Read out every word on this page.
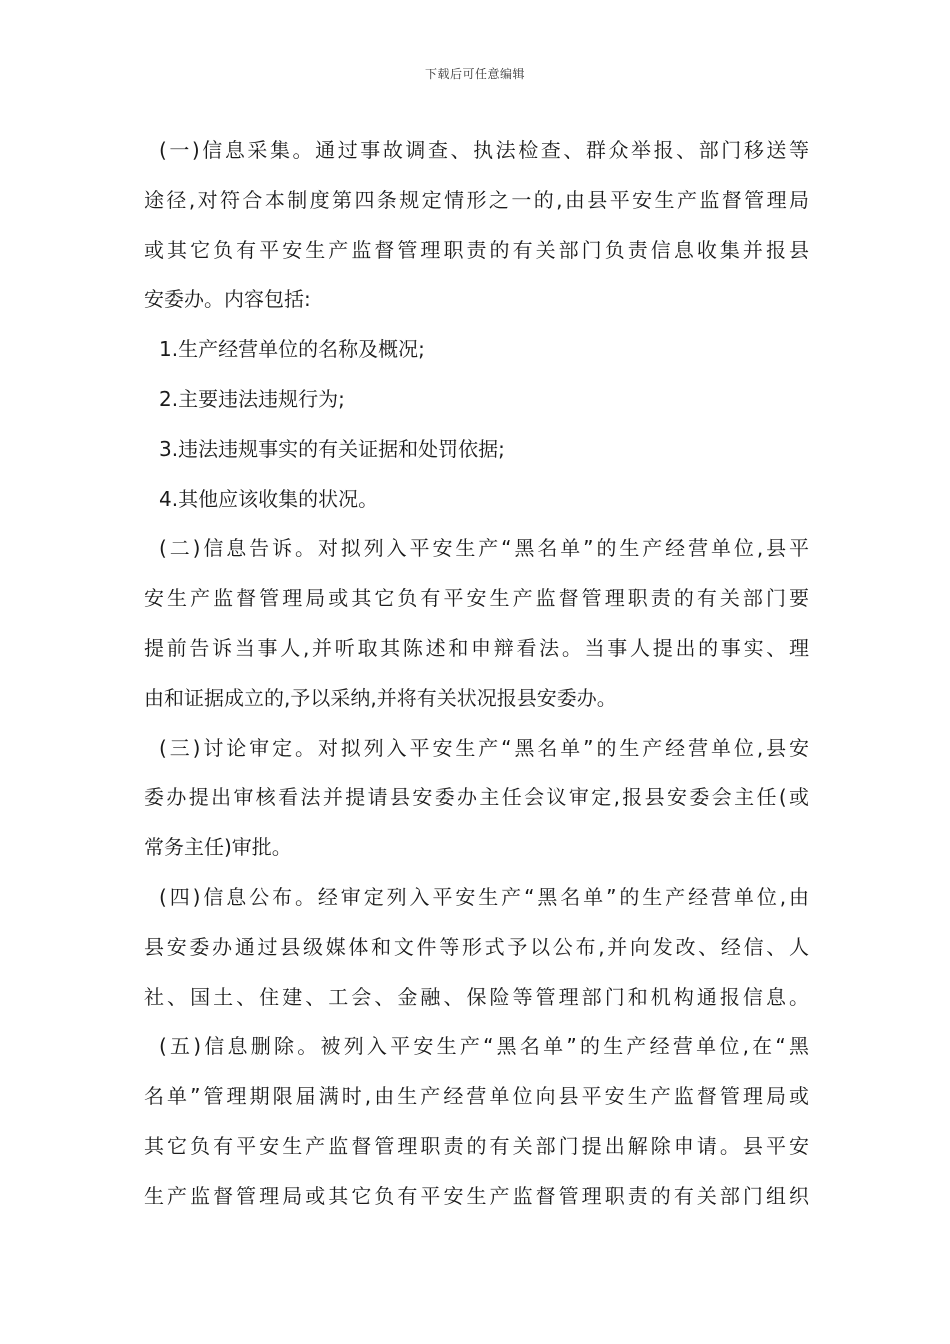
下载后可任意编辑
(一)信息采集。通过事故调查、执法检查、群众举报、部门移送等
途径,对符合本制度第四条规定情形之一的,由县平安生产监督管理局
或其它负有平安生产监督管理职责的有关部门负责信息收集并报县
安委办。内容包括:
1.生产经营单位的名称及概况;
2.主要违法违规行为;
3.违法违规事实的有关证据和处罚依据;
4.其他应该收集的状况。
(二)信息告诉。对拟列入平安生产“黑名单”的生产经营单位,县平
安生产监督管理局或其它负有平安生产监督管理职责的有关部门要
提前告诉当事人,并听取其陈述和申辩看法。当事人提出的事实、理
由和证据成立的,予以采纳,并将有关状况报县安委办。
(三)讨论审定。对拟列入平安生产“黑名单”的生产经营单位,县安
委办提出审核看法并提请县安委办主任会议审定,报县安委会主任(或
常务主任)审批。
(四)信息公布。经审定列入平安生产“黑名单”的生产经营单位,由
县安委办通过县级媒体和文件等形式予以公布,并向发改、经信、人
社、国土、住建、工会、金融、保险等管理部门和机构通报信息。
(五)信息删除。被列入平安生产“黑名单”的生产经营单位,在“黑
名单”管理期限届满时,由生产经营单位向县平安生产监督管理局或
其它负有平安生产监督管理职责的有关部门提出解除申请。县平安
生产监督管理局或其它负有平安生产监督管理职责的有关部门组织
